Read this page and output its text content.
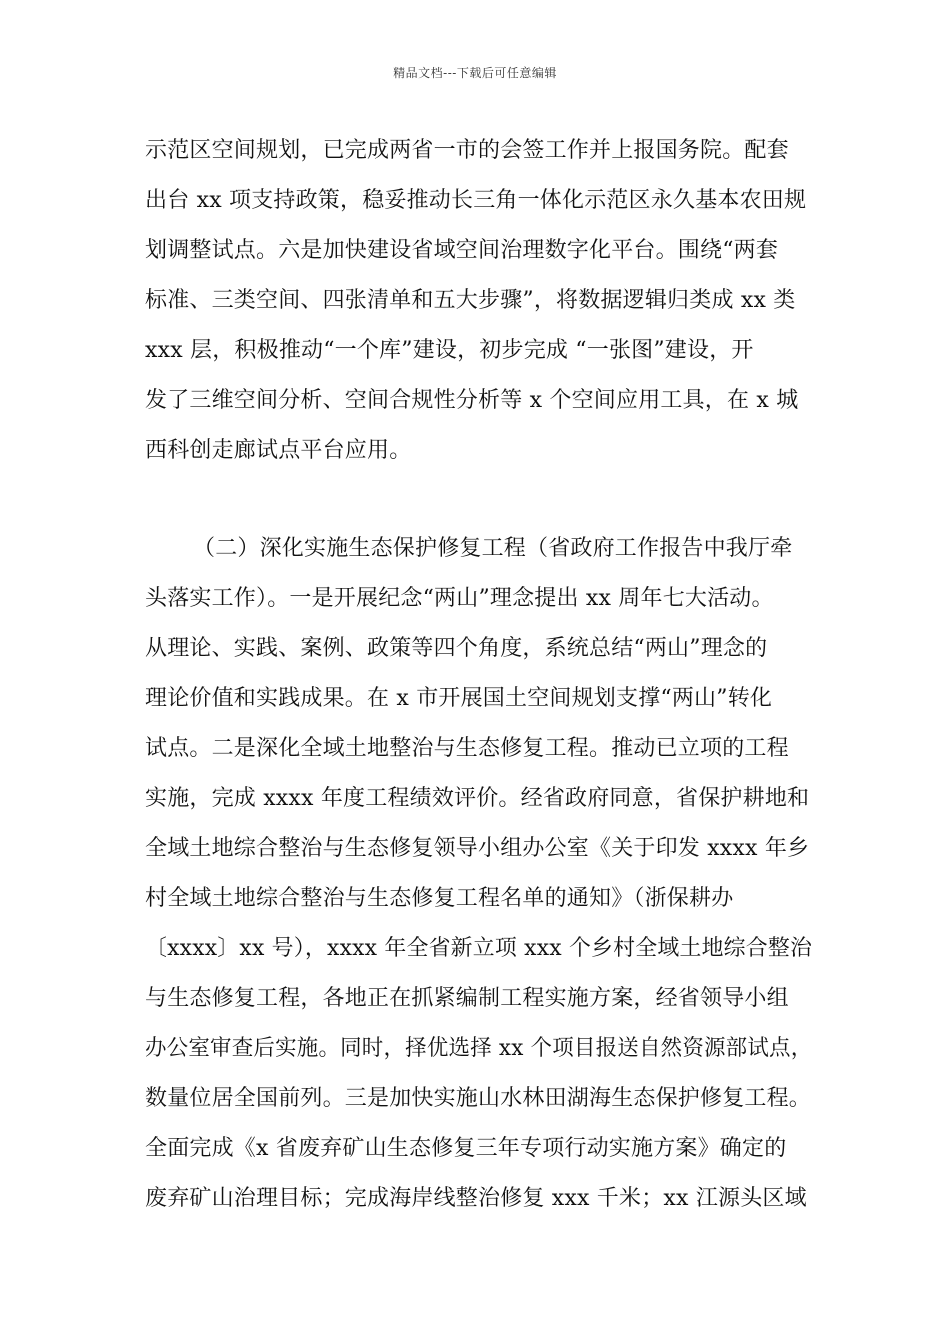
精品文档---下载后可任意编辑
示范区空间规划，已完成两省一市的会签工作并上报国务院。配套
出台 xx 项支持政策，稳妥推动长三角一体化示范区永久基本农田规
划调整试点。六是加快建设省域空间治理数字化平台。围绕“两套
标准、三类空间、四张清单和五大步骤”，将数据逻辑归类成 xx 类
xxx 层，积极推动“一个库”建设，初步完成 “一张图”建设，开
发了三维空间分析、空间合规性分析等 x 个空间应用工具，在 x 城
西科创走廊试点平台应用。
（二）深化实施生态保护修复工程（省政府工作报告中我厅牵
头落实工作）。一是开展纪念“两山”理念提出 xx 周年七大活动。
从理论、实践、案例、政策等四个角度，系统总结“两山”理念的
理论价值和实践成果。在 x 市开展国土空间规划支撑“两山”转化
试点。二是深化全域土地整治与生态修复工程。推动已立项的工程
实施，完成 xxxx 年度工程绩效评价。经省政府同意，省保护耕地和
全域土地综合整治与生态修复领导小组办公室《关于印发 xxxx 年乡
村全域土地综合整治与生态修复工程名单的通知》（浙保耕办
〔xxxx〕xx 号），xxxx 年全省新立项 xxx 个乡村全域土地综合整治
与生态修复工程，各地正在抓紧编制工程实施方案，经省领导小组
办公室审查后实施。同时，择优选择 xx 个项目报送自然资源部试点，
数量位居全国前列。三是加快实施山水林田湖海生态保护修复工程。
全面完成《x 省废弃矿山生态修复三年专项行动实施方案》确定的
废弃矿山治理目标；完成海岸线整治修复 xxx 千米；xx 江源头区域
